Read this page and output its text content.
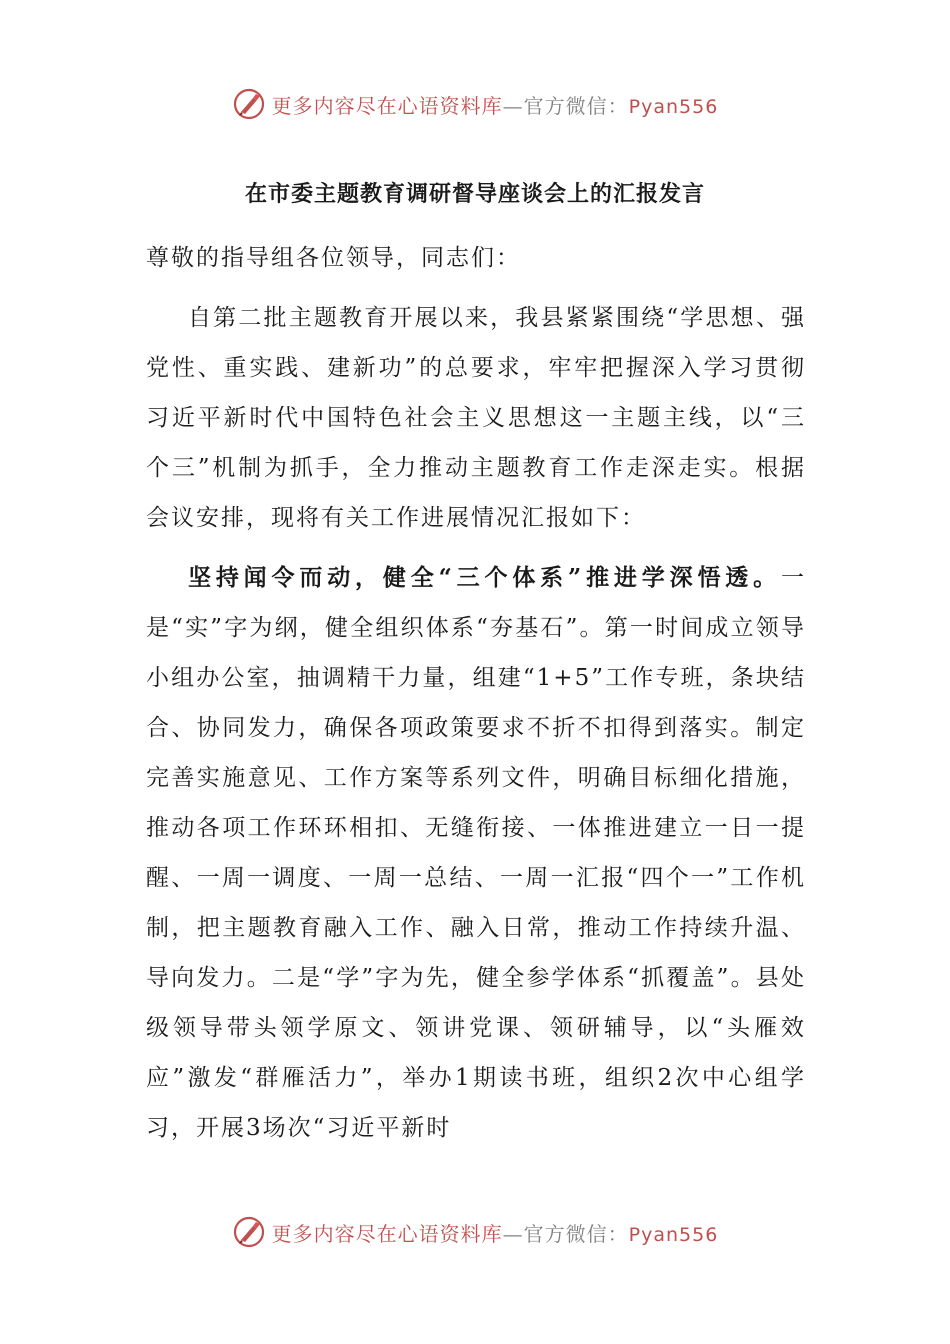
更多内容尽在心语资料库—官方微信：Pyan556
在市委主题教育调研督导座谈会上的汇报发言
尊敬的指导组各位领导，同志们：
自第二批主题教育开展以来，我县紧紧围绕“学思想、强党性、重实践、建新功”的总要求，牢牢把握深入学习贯彻习近平新时代中国特色社会主义思想这一主题主线，以“三个三”机制为抓手，全力推动主题教育工作走深走实。根据会议安排，现将有关工作进展情况汇报如下：
坚持闻令而动，健全“三个体系”推进学深悟透。一是“实”字为纲，健全组织体系“夯基石”。第一时间成立领导小组办公室，抽调精干力量，组建“1+5”工作专班，条块结合、协同发力，确保各项政策要求不折不扣得到落实。制定完善实施意见、工作方案等系列文件，明确目标细化措施，推动各项工作环环相扣、无缝衔接、一体推进建立一日一提醒、一周一调度、一周一总结、一周一汇报“四个一”工作机制，把主题教育融入工作、融入日常，推动工作持续升温、导向发力。二是“学”字为先，健全参学体系“抓覆盖”。县处级领导带头领学原文、领讲党课、领研辅导，以“头雁效应”激发“群雁活力”，举办1期读书班，组织2次中心组学习，开展3场次“习近平新时
更多内容尽在心语资料库—官方微信：Pyan556
